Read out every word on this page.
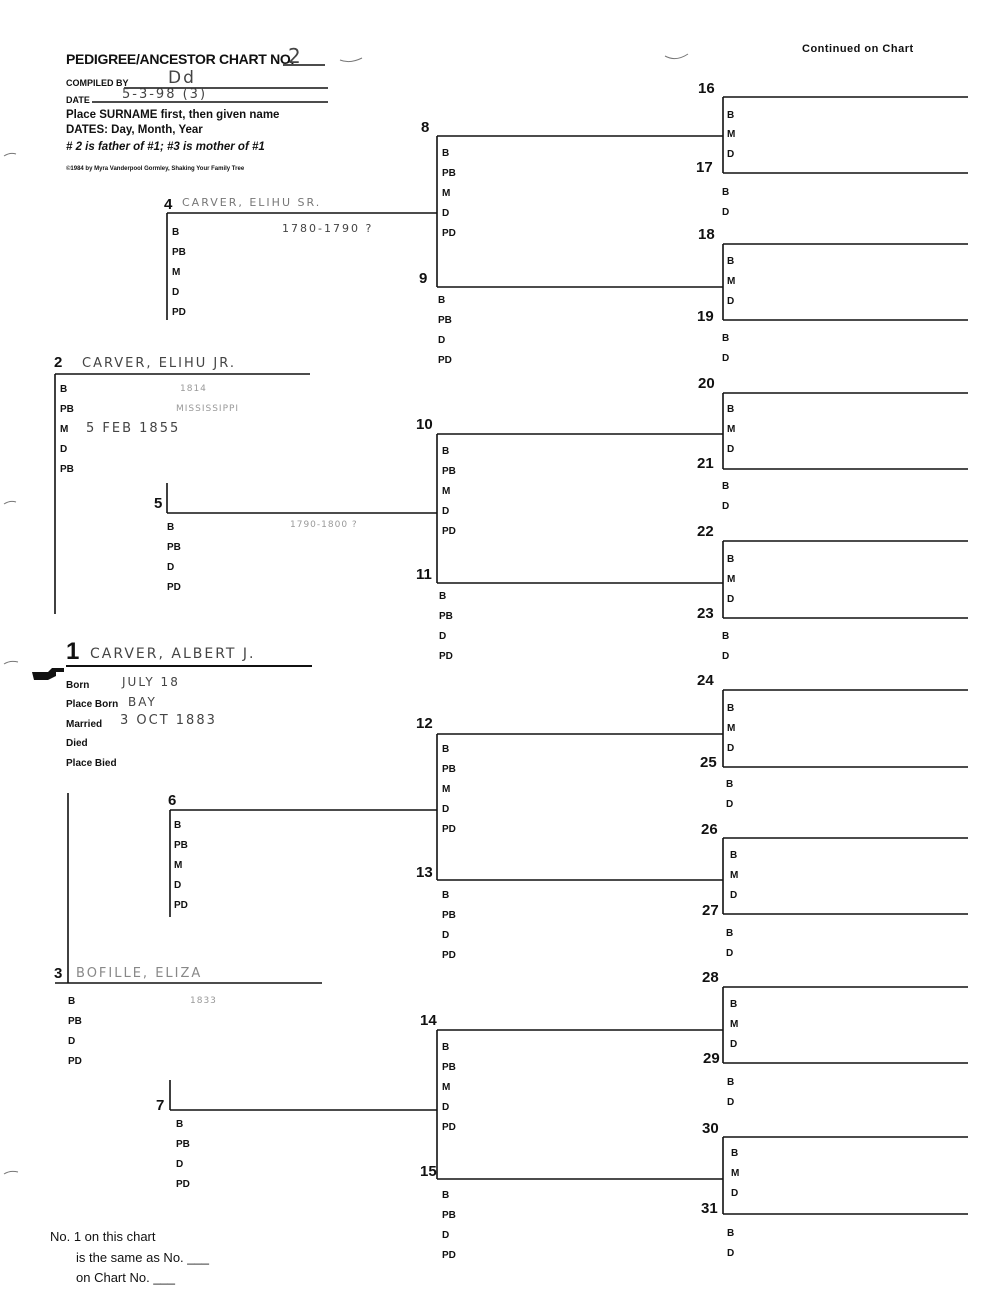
PEDIGREE/ANCESTOR CHART NO.
2
COMPILED BY Dd
DATE 5-3-98 (3)
Place SURNAME first, then given name
DATES: Day, Month, Year
# 2 is father of #1; #3 is mother of #1
©1984 by Myra Vanderpool Gormley, Shaking Your Family Tree
Continued on Chart
1 CARVER, ALBERT J.
Born	JULY 18
Place Born BAY
Married 3 OCT 1883
Died
Place Bied
2 CARVER, ELIHU JR.
B	1814
PB	MISSISSIPPI
M 5 FEB 1855
D
PB
3 BOFILLE, ELIZA
B	1833
PB
D
PD
4 CARVER, ELIHU SR.
B	1780-1790 ?
PB
M
D
PD
5
B	1790-1800 ?
PB
D
PD
6
B
PB
M
D
PD
7
B
PB
D
PD
8
B
PB
M
D
PD
9
B
PB
D
PD
10
B
PB
M
D
PD
11
B
PB
D
PD
12
B
PB
M
D
PD
13
B
PB
D
PD
14
B
PB
M
D
PD
15
B
PB
D
PD
16
B
M
D
17
B
D
18
B
M
D
19
B
D
20
B
M
D
21
B
D
22
B
M
D
23
B
D
24
B
M
D
25
B
D
26
B
M
D
27
B
D
28
B
M
D
29
B
D
30
B
M
D
31
B
D
No. 1 on this chart
is the same as No. ___
on Chart No. ___
